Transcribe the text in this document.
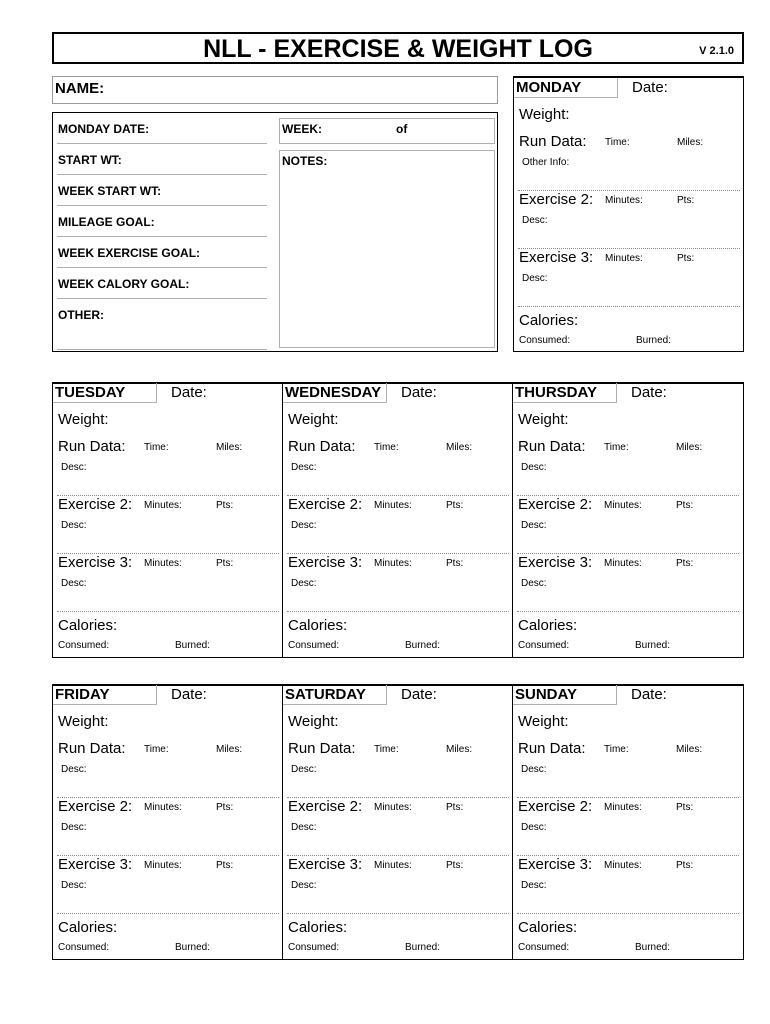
NLL - EXERCISE & WEIGHT LOG	V 2.1.0
NAME:
MONDAY DATE:	WEEK:	of
START WT:	NOTES:
WEEK START WT:
MILEAGE GOAL:
WEEK EXERCISE GOAL:
WEEK CALORY GOAL:
OTHER:
MONDAY	Date:
Weight:
Run Data: Time:	Miles:
Other Info:
Exercise 2: Minutes:	Pts:
Desc:
Exercise 3: Minutes:	Pts:
Desc:
Calories:
Consumed:	Burned:
TUESDAY	Date:
Weight:
Run Data: Time:	Miles:
Desc:
Exercise 2: Minutes:	Pts:
Desc:
Exercise 3: Minutes:	Pts:
Desc:
Calories:
Consumed:	Burned:
WEDNESDAY Date:
Weight:
Run Data: Time:	Miles:
Desc:
Exercise 2: Minutes:	Pts:
Desc:
Exercise 3: Minutes:	Pts:
Desc:
Calories:
Consumed:	Burned:
THURSDAY Date:
Weight:
Run Data: Time:	Miles:
Desc:
Exercise 2: Minutes:	Pts:
Desc:
Exercise 3: Minutes:	Pts:
Desc:
Calories:
Consumed:	Burned:
FRIDAY	Date:
Weight:
Run Data: Time:	Miles:
Desc:
Exercise 2: Minutes:	Pts:
Desc:
Exercise 3: Minutes:	Pts:
Desc:
Calories:
Consumed:	Burned:
SATURDAY Date:
Weight:
Run Data: Time:	Miles:
Desc:
Exercise 2: Minutes:	Pts:
Desc:
Exercise 3: Minutes:	Pts:
Desc:
Calories:
Consumed:	Burned:
SUNDAY	Date:
Weight:
Run Data: Time:	Miles:
Desc:
Exercise 2: Minutes:	Pts:
Desc:
Exercise 3: Minutes:	Pts:
Desc:
Calories:
Consumed:	Burned:
